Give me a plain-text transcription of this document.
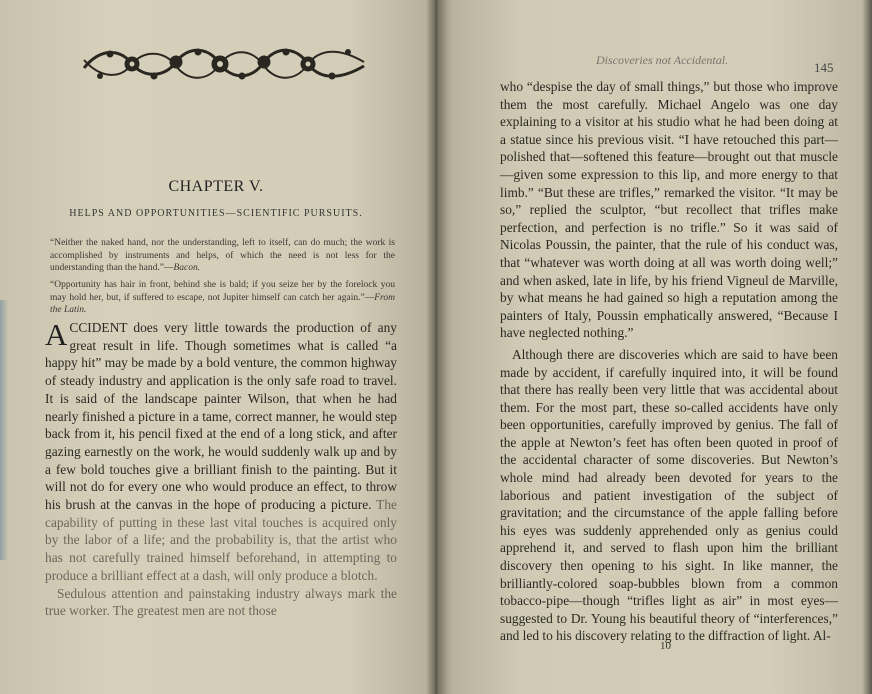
CHAPTER V.
HELPS AND OPPORTUNITIES—SCIENTIFIC PURSUITS.
“Neither the naked hand, nor the understanding, left to itself, can do much; the work is accomplished by instruments and helps, of which the need is not less for the understanding than the hand.”—Bacon.
“Opportunity has hair in front, behind she is bald; if you seize her by the forelock you may hold her, but, if suffered to escape, not Jupiter himself can catch her again.”—From the Latin.
ACCIDENT does very little towards the production of any great result in life. Though sometimes what is called “a happy hit” may be made by a bold venture, the common highway of steady industry and application is the only safe road to travel. It is said of the landscape painter Wilson, that when he had nearly finished a picture in a tame, correct manner, he would step back from it, his pencil fixed at the end of a long stick, and after gazing earnestly on the work, he would suddenly walk up and by a few bold touches give a brilliant finish to the painting. But it will not do for every one who would produce an effect, to throw his brush at the canvas in the hope of producing a picture. The capability of putting in these last vital touches is acquired only by the labor of a life; and the probability is, that the artist who has not carefully trained himself beforehand, in attempting to produce a brilliant effect at a dash, will only produce a blotch.
Sedulous attention and painstaking industry always mark the true worker. The greatest men are not those
Discoveries not Accidental.	145

who “despise the day of small things,” but those who improve them the most carefully. Michael Angelo was one day explaining to a visitor at his studio what he had been doing at a statue since his previous visit. “I have retouched this part—polished that—softened this feature—brought out that muscle—given some expression to this lip, and more energy to that limb.” “But these are trifles,” remarked the visitor. “It may be so,” replied the sculptor, “but recollect that trifles make perfection, and perfection is no trifle.” So it was said of Nicolas Poussin, the painter, that the rule of his conduct was, that “whatever was worth doing at all was worth doing well;” and when asked, late in life, by his friend Vigneul de Marville, by what means he had gained so high a reputation among the painters of Italy, Poussin emphatically answered, “Because I have neglected nothing.”

Although there are discoveries which are said to have been made by accident, if carefully inquired into, it will be found that there has really been very little that was accidental about them. For the most part, these so-called accidents have only been opportunities, carefully improved by genius. The fall of the apple at Newton’s feet has often been quoted in proof of the accidental character of some discoveries. But Newton’s whole mind had already been devoted for years to the laborious and patient investigation of the subject of gravitation; and the circumstance of the apple falling before his eyes was suddenly apprehended only as genius could apprehend it, and served to flash upon him the brilliant discovery then opening to his sight. In like manner, the brilliantly-colored soap-bubbles blown from a common tobacco-pipe—though “trifles light as air” in most eyes—suggested to Dr. Young his beautiful theory of “interferences,” and led to his discovery relating to the diffraction of light. Al-

10
